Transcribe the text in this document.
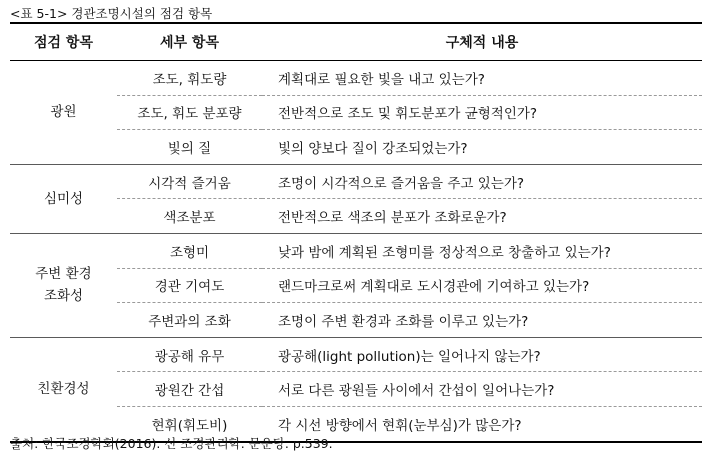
<표 5-1> 경관조명시설의 점검 항목
점검 항목	세부 항목	구체적 내용

광원	조도, 휘도량	계획대로 필요한 빛을 내고 있는가?
	조도, 휘도 분포량	전반적으로 조도 및 휘도분포가 균형적인가?
	빛의 질	빛의 양보다 질이 강조되었는가?

심미성	시각적 즐거움	조명이 시각적으로 즐거움을 주고 있는가?
	색조분포	전반적으로 색조의 분포가 조화로운가?

주변 환경
조화성	조형미	낮과 밤에 계획된 조형미를 정상적으로 창출하고 있는가?
	경관 기여도	랜드마크로써 계획대로 도시경관에 기여하고 있는가?
	주변과의 조화	조명이 주변 환경과 조화를 이루고 있는가?

친환경성	광공해 유무	광공해(light pollution)는 일어나지 않는가?
	광원간 간섭	서로 다른 광원들 사이에서 간섭이 일어나는가?
	현휘(휘도비)	각 시선 방향에서 현휘(눈부심)가 많은가?
출처: 한국조경학회(2016). 신 조경관리학. 문운당. p.539.
